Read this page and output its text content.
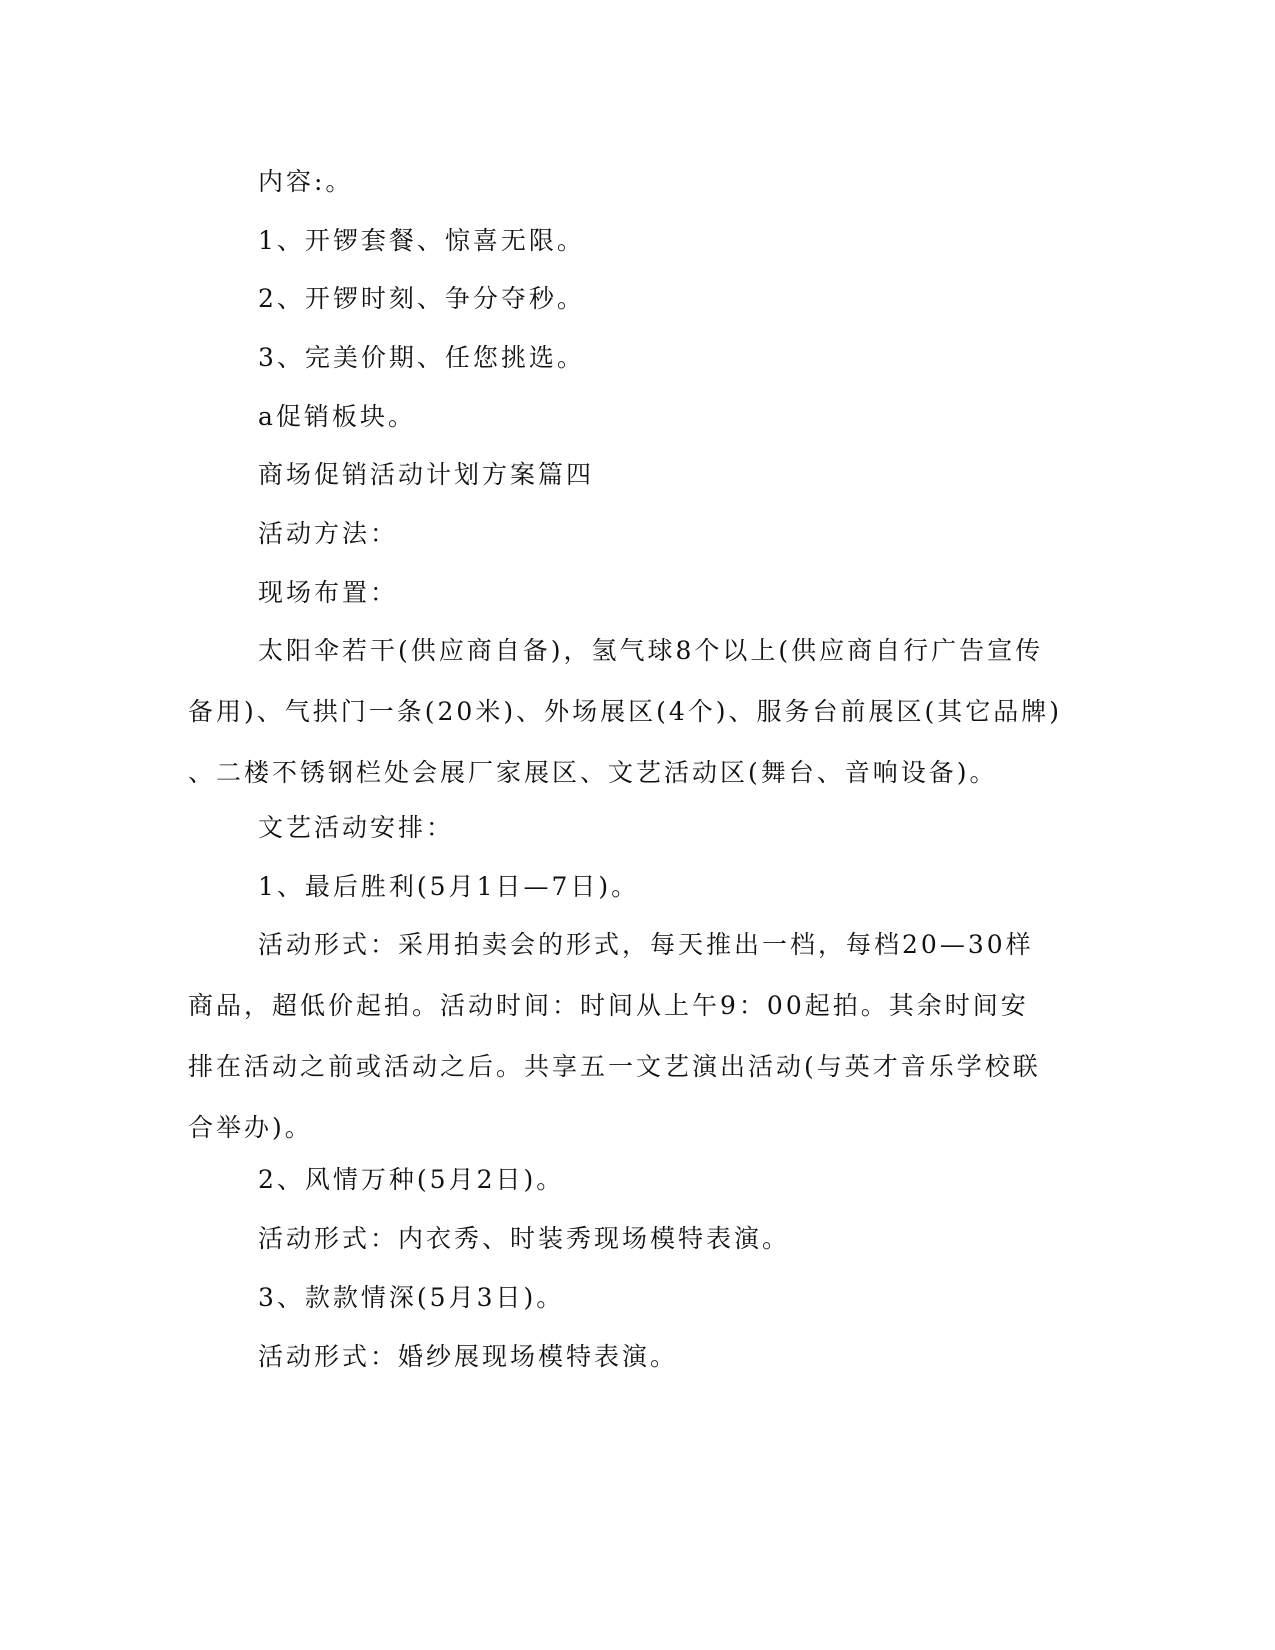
内容:。

1、开锣套餐、惊喜无限。

2、开锣时刻、争分夺秒。

3、完美价期、任您挑选。

a促销板块。

商场促销活动计划方案篇四

活动方法：

现场布置：

太阳伞若干(供应商自备)，氢气球8个以上(供应商自行广告宣传
备用)、气拱门一条(20米)、外场展区(4个)、服务台前展区(其它品牌)
、二楼不锈钢栏处会展厂家展区、文艺活动区(舞台、音响设备)。

文艺活动安排：

1、最后胜利(5月1日—7日)。

活动形式：采用拍卖会的形式，每天推出一档，每档20—30样
商品，超低价起拍。活动时间：时间从上午9：00起拍。其余时间安
排在活动之前或活动之后。共享五一文艺演出活动(与英才音乐学校联
合举办)。

2、风情万种(5月2日)。

活动形式：内衣秀、时装秀现场模特表演。

3、款款情深(5月3日)。

活动形式：婚纱展现场模特表演。
